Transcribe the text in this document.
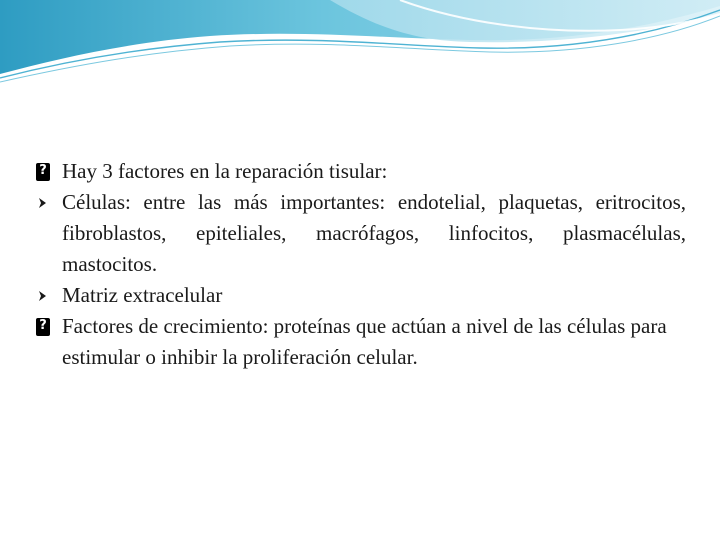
?
Hay 3 factores en la reparación tisular:

Células: entre las más importantes: endotelial, plaquetas, eritrocitos, fibroblastos, epiteliales, macrófagos, linfocitos, plasmacélulas, mastocitos.

Matriz extracelular

?
Factores de crecimiento: proteínas que actúan a nivel de las células para estimular o inhibir la proliferación celular.
